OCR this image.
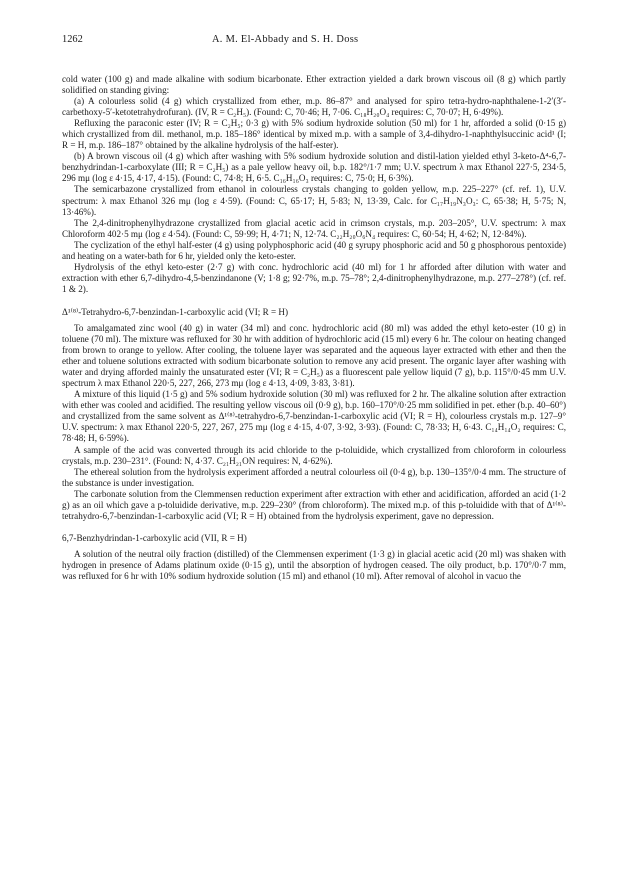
1262	A. M. El-Abbady and S. H. Doss

cold water (100 g) and made alkaline with sodium bicarbonate. Ether extraction yielded a dark brown viscous oil (8 g) which partly solidified on standing giving:

(a) A colourless solid (4 g) which crystallized from ether, m.p. 86–87° and analysed for spiro tetra-hydro-naphthalene-1-2′(3′-carbethoxy-5′-ketotetrahydrofuran). (IV, R = C₂H₅). (Found: C, 70·46; H, 7·06. C₁₈H₂₀O₄ requires: C, 70·07; H, 6·49%).

Refluxing the paraconic ester (IV; R = C₂H₅; 0·3 g) with 5% sodium hydroxide solution (50 ml) for 1 hr, afforded a solid (0·15 g) which crystallized from dil. methanol, m.p. 185–186° identical by mixed m.p. with a sample of 3,4-dihydro-1-naphthylsuccinic acid¹ (I; R = H, m.p. 186–187° obtained by the alkaline hydrolysis of the half-ester).

(b) A brown viscous oil (4 g) which after washing with 5% sodium hydroxide solution and distil-lation yielded ethyl 3-keto-Δ⁴-6,7-benzhydrindan-1-carboxylate (III; R = C₂H₅) as a pale yellow heavy oil, b.p. 182°/1·7 mm; U.V. spectrum λ max Ethanol 227·5, 234·5, 296 mμ (log ε 4·15, 4·17, 4·15). (Found: C, 74·8; H, 6·5. C₁₆H₁₆O₃ requires: C, 75·0; H, 6·3%).

The semicarbazone crystallized from ethanol in colourless crystals changing to golden yellow, m.p. 225–227° (cf. ref. 1), U.V. spectrum: λ max Ethanol 326 mμ (log ε 4·59). (Found: C, 65·17; H, 5·83; N, 13·39, Calc. for C₁₇H₁₉N₃O₃: C, 65·38; H, 5·75; N, 13·46%).

The 2,4-dinitrophenylhydrazone crystallized from glacial acetic acid in crimson crystals, m.p. 203–205°, U.V. spectrum: λ max Chloroform 402·5 mμ (log ε 4·54). (Found: C, 59·99; H, 4·71; N, 12·74. C₂₂H₂₀O₆N₄ requires: C, 60·54; H, 4·62; N, 12·84%).

The cyclization of the ethyl half-ester (4 g) using polyphosphoric acid (40 g syrupy phosphoric acid and 50 g phosphorous pentoxide) and heating on a water-bath for 6 hr, yielded only the keto-ester.

Hydrolysis of the ethyl keto-ester (2·7 g) with conc. hydrochloric acid (40 ml) for 1 hr afforded after dilution with water and extraction with ether 6,7-dihydro-4,5-benzindanone (V; 1·8 g; 92·7%, m.p. 75–78°; 2,4-dinitrophenylhydrazone, m.p. 277–278°) (cf. ref. 1 & 2).

Δ¹⁽⁸⁾-Tetrahydro-6,7-benzindan-1-carboxylic acid (VI; R = H)

To amalgamated zinc wool (40 g) in water (34 ml) and conc. hydrochloric acid (80 ml) was added the ethyl keto-ester (10 g) in toluene (70 ml). The mixture was refluxed for 30 hr with addition of hydrochloric acid (15 ml) every 6 hr. The colour on heating changed from brown to orange to yellow. After cooling, the toluene layer was separated and the aqueous layer extracted with ether and then the ether and toluene solutions extracted with sodium bicarbonate solution to remove any acid present. The organic layer after washing with water and drying afforded mainly the unsaturated ester (VI; R = C₂H₅) as a fluorescent pale yellow liquid (7 g), b.p. 115°/0·45 mm U.V. spectrum λ max Ethanol 220·5, 227, 266, 273 mμ (log ε 4·13, 4·09, 3·83, 3·81).

A mixture of this liquid (1·5 g) and 5% sodium hydroxide solution (30 ml) was refluxed for 2 hr. The alkaline solution after extraction with ether was cooled and acidified. The resulting yellow viscous oil (0·9 g), b.p. 160–170°/0·25 mm solidified in pet. ether (b.p. 40–60°) and crystallized from the same solvent as Δ¹⁽⁸⁾-tetrahydro-6,7-benzindan-1-carboxylic acid (VI; R = H), colourless crystals m.p. 127–9° U.V. spectrum: λ max Ethanol 220·5, 227, 267, 275 mμ (log ε 4·15, 4·07, 3·92, 3·93). (Found: C, 78·33; H, 6·43. C₁₄H₁₄O₂ requires: C, 78·48; H, 6·59%).

A sample of the acid was converted through its acid chloride to the p-toluidide, which crystallized from chloroform in colourless crystals, m.p. 230–231°. (Found: N, 4·37. C₂₁H₂₁ON requires: N, 4·62%).

The ethereal solution from the hydrolysis experiment afforded a neutral colourless oil (0·4 g), b.p. 130–135°/0·4 mm. The structure of the substance is under investigation.

The carbonate solution from the Clemmensen reduction experiment after extraction with ether and acidification, afforded an acid (1·2 g) as an oil which gave a p-toluidide derivative, m.p. 229–230° (from chloroform). The mixed m.p. of this p-toluidide with that of Δ¹⁽⁸⁾-tetrahydro-6,7-benzindan-1-carboxylic acid (VI; R = H) obtained from the hydrolysis experiment, gave no depression.

6,7-Benzhydrindan-1-carboxylic acid (VII, R = H)

A solution of the neutral oily fraction (distilled) of the Clemmensen experiment (1·3 g) in glacial acetic acid (20 ml) was shaken with hydrogen in presence of Adams platinum oxide (0·15 g), until the absorption of hydrogen ceased. The oily product, b.p. 170°/0·7 mm, was refluxed for 6 hr with 10% sodium hydroxide solution (15 ml) and ethanol (10 ml). After removal of alcohol in vacuo the
